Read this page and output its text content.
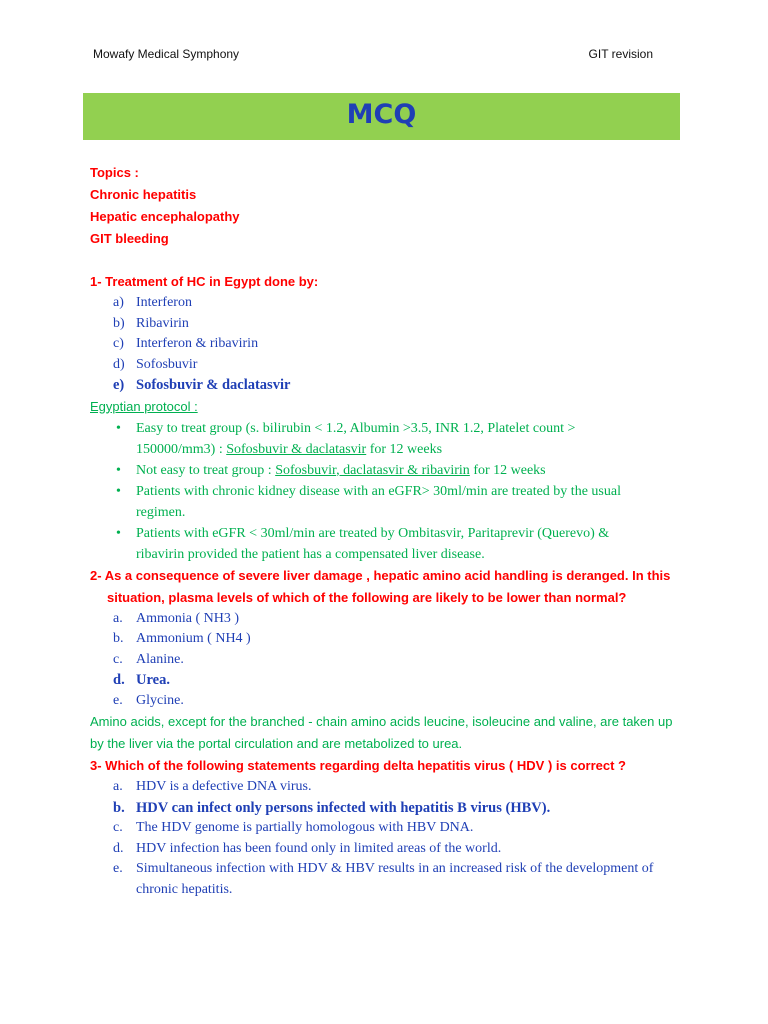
Mowafy Medical Symphony	GIT revision
MCQ
Topics :
Chronic hepatitis
Hepatic encephalopathy
GIT bleeding
1- Treatment of HC in Egypt done by:
a) Interferon
b) Ribavirin
c) Interferon & ribavirin
d) Sofosbuvir
e) Sofosbuvir & daclatasvir
Egyptian protocol :
•	Easy to treat group (s. bilirubin < 1.2, Albumin >3.5, INR 1.2, Platelet count > 150000/mm3) : Sofosbuvir & daclatasvir for 12 weeks
•	Not easy to treat group : Sofosbuvir, daclatasvir & ribavirin for 12 weeks
•	Patients with chronic kidney disease with an eGFR> 30ml/min are treated by the usual regimen.
•	Patients with eGFR < 30ml/min are treated by Ombitasvir, Paritaprevir (Querevo) & ribavirin provided the patient has a compensated liver disease.
2- As a consequence of severe liver damage , hepatic amino acid handling is deranged. In this
situation, plasma levels of which of the following are likely to be lower than normal?
a. Ammonia ( NH3 )
b. Ammonium ( NH4 )
c. Alanine.
d. Urea.
e. Glycine.
Amino acids, except for the branched - chain amino acids leucine, isoleucine and valine, are taken up by the liver via the portal circulation and are metabolized to urea.
3- Which of the following statements regarding delta hepatitis virus ( HDV ) is correct ?
a. HDV is a defective DNA virus.
b. HDV can infect only persons infected with hepatitis B virus (HBV).
c. The HDV genome is partially homologous with HBV DNA.
d. HDV infection has been found only in limited areas of the world.
e. Simultaneous infection with HDV & HBV results in an increased risk of the development of chronic hepatitis.
